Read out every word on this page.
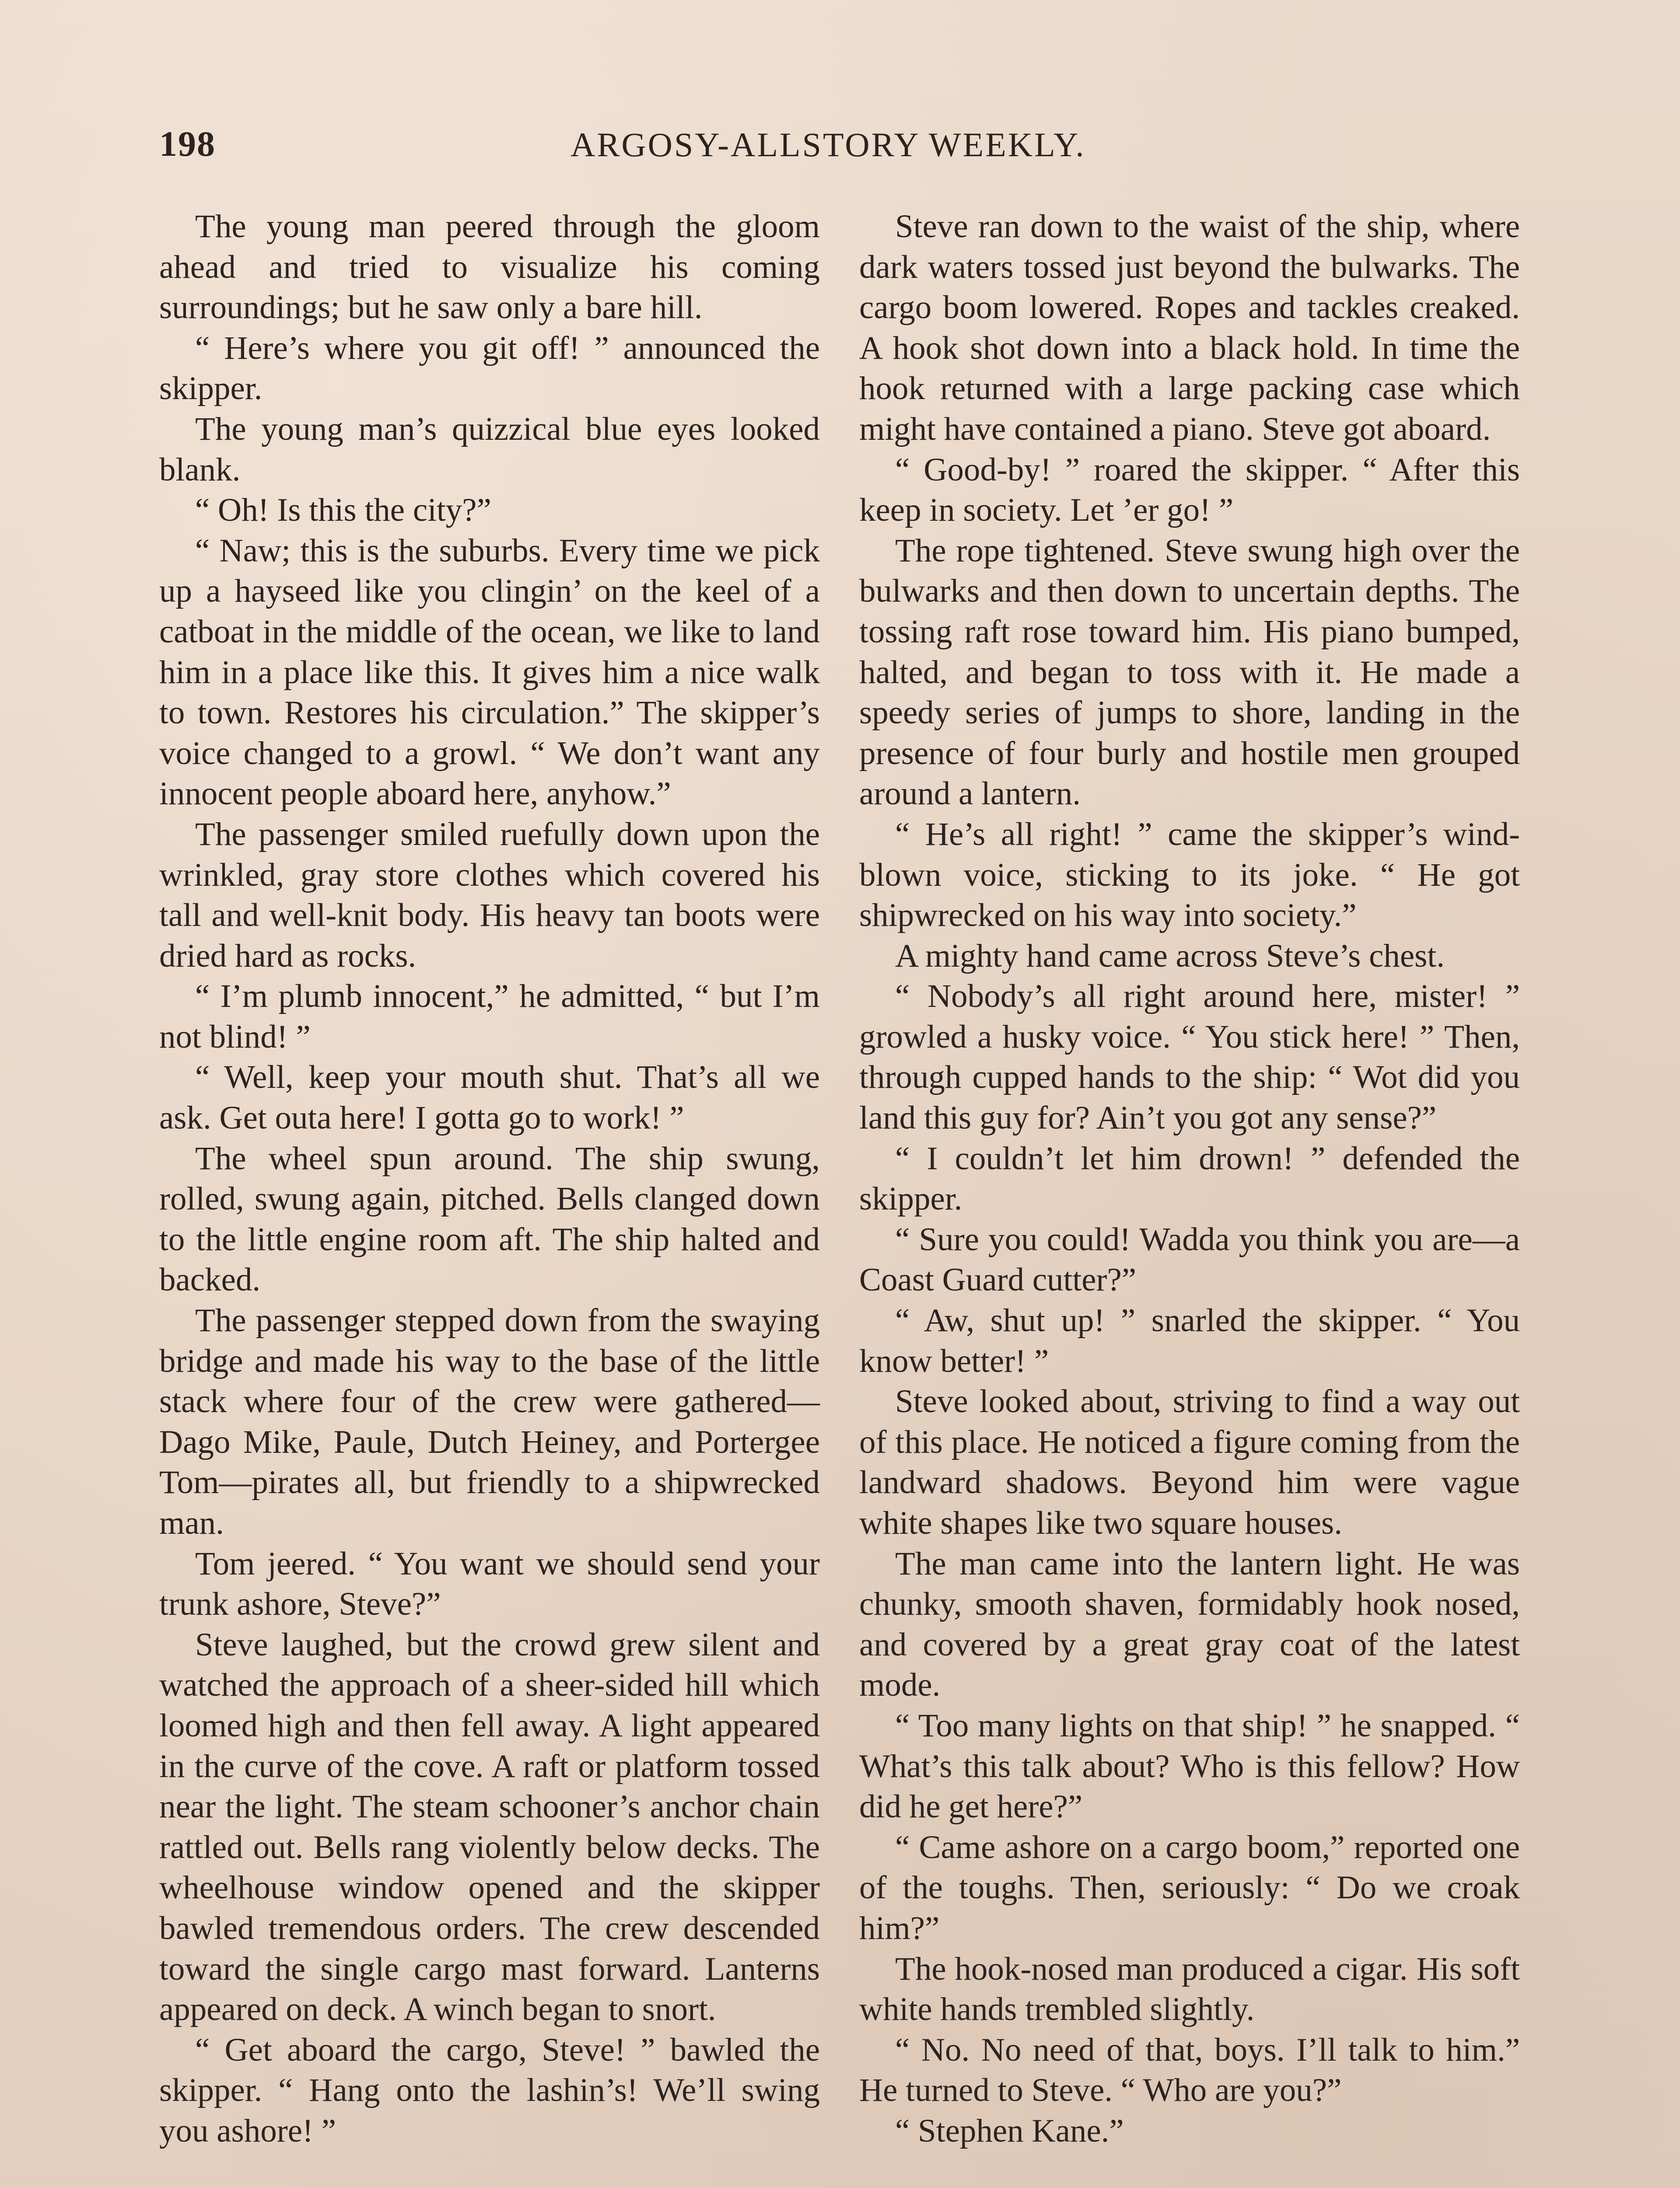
198	ARGOSY-ALLSTORY WEEKLY.

The young man peered through the gloom ahead and tried to visualize his coming surroundings; but he saw only a bare hill.

“ Here’s where you git off! ” announced the skipper.

The young man’s quizzical blue eyes looked blank.

“ Oh! Is this the city?”

“ Naw; this is the suburbs. Every time we pick up a hayseed like you clingin’ on the keel of a catboat in the middle of the ocean, we like to land him in a place like this. It gives him a nice walk to town. Restores his circulation.” The skipper’s voice changed to a growl. “ We don’t want any innocent people aboard here, anyhow.”

The passenger smiled ruefully down upon the wrinkled, gray store clothes which covered his tall and well-knit body. His heavy tan boots were dried hard as rocks.

“ I’m plumb innocent,” he admitted, “ but I’m not blind! ”

“ Well, keep your mouth shut. That’s all we ask. Get outa here! I gotta go to work! ”

The wheel spun around. The ship swung, rolled, swung again, pitched. Bells clanged down to the little engine room aft. The ship halted and backed.

The passenger stepped down from the swaying bridge and made his way to the base of the little stack where four of the crew were gathered—Dago Mike, Paule, Dutch Heiney, and Portergee Tom—pirates all, but friendly to a shipwrecked man.

Tom jeered. “ You want we should send your trunk ashore, Steve?”

Steve laughed, but the crowd grew silent and watched the approach of a sheer-sided hill which loomed high and then fell away. A light appeared in the curve of the cove. A raft or platform tossed near the light. The steam schooner’s anchor chain rattled out. Bells rang violently below decks. The wheelhouse window opened and the skipper bawled tremendous orders. The crew descended toward the single cargo mast forward. Lanterns appeared on deck. A winch began to snort.

“ Get aboard the cargo, Steve! ” bawled the skipper. “ Hang onto the lashin’s! We’ll swing you ashore! ”

Steve ran down to the waist of the ship, where dark waters tossed just beyond the bulwarks. The cargo boom lowered. Ropes and tackles creaked. A hook shot down into a black hold. In time the hook returned with a large packing case which might have contained a piano. Steve got aboard.

“ Good-by! ” roared the skipper. “ After this keep in society. Let ’er go! ”

The rope tightened. Steve swung high over the bulwarks and then down to uncertain depths. The tossing raft rose toward him. His piano bumped, halted, and began to toss with it. He made a speedy series of jumps to shore, landing in the presence of four burly and hostile men grouped around a lantern.

“ He’s all right! ” came the skipper’s wind-blown voice, sticking to its joke. “ He got shipwrecked on his way into society.”

A mighty hand came across Steve’s chest.

“ Nobody’s all right around here, mister! ” growled a husky voice. “ You stick here! ” Then, through cupped hands to the ship: “ Wot did you land this guy for? Ain’t you got any sense?”

“ I couldn’t let him drown! ” defended the skipper.

“ Sure you could! Wadda you think you are—a Coast Guard cutter?”

“ Aw, shut up! ” snarled the skipper. “ You know better! ”

Steve looked about, striving to find a way out of this place. He noticed a figure coming from the landward shadows. Beyond him were vague white shapes like two square houses.

The man came into the lantern light. He was chunky, smooth shaven, formidably hook nosed, and covered by a great gray coat of the latest mode.

“ Too many lights on that ship! ” he snapped. “ What’s this talk about? Who is this fellow? How did he get here?”

“ Came ashore on a cargo boom,” reported one of the toughs. Then, seriously: “ Do we croak him?”

The hook-nosed man produced a cigar. His soft white hands trembled slightly.

“ No. No need of that, boys. I’ll talk to him.” He turned to Steve. “ Who are you?”

“ Stephen Kane.”
